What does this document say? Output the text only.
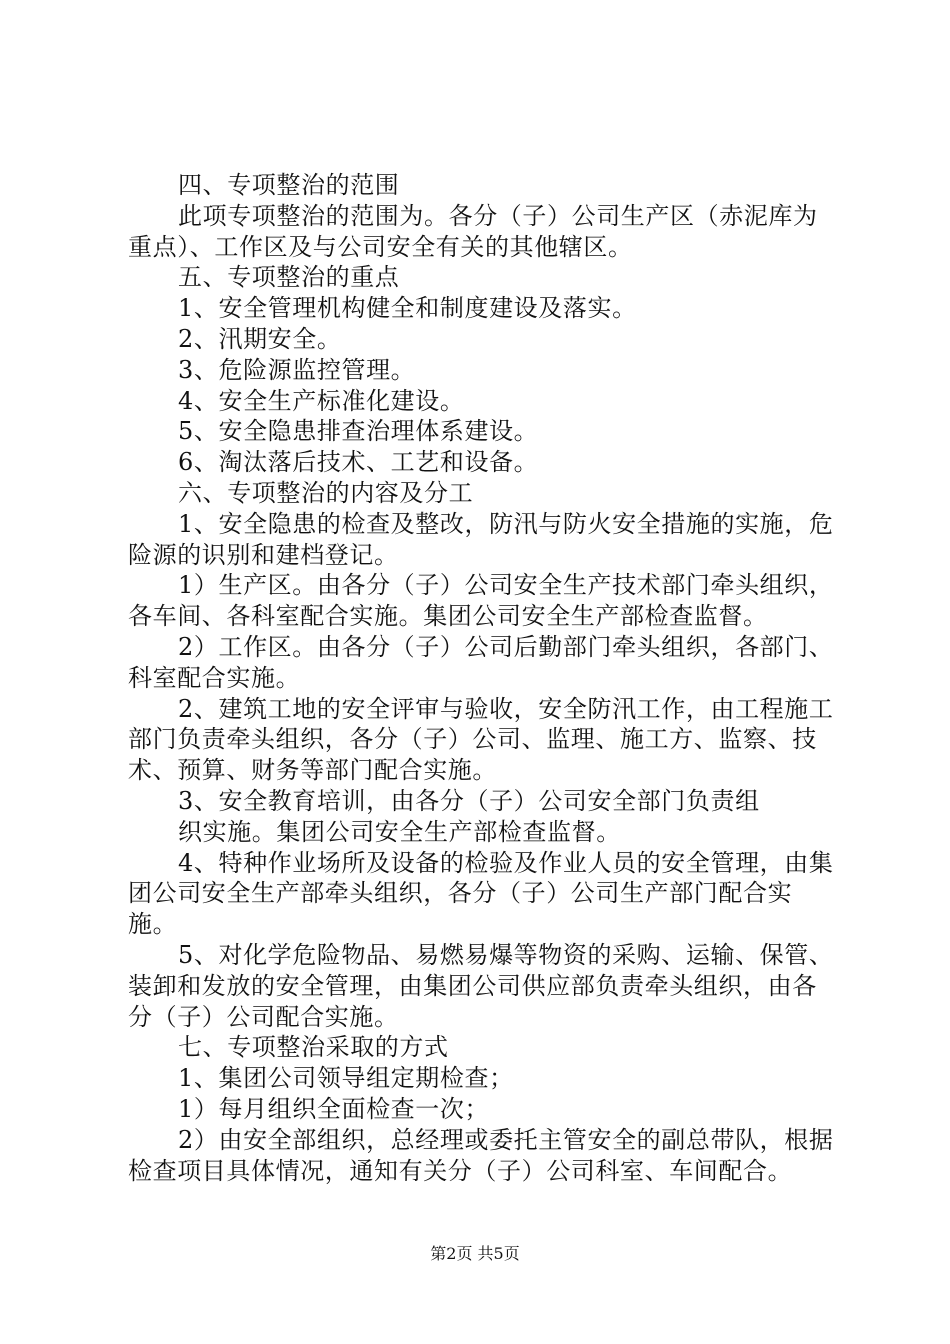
四、专项整治的范围

此项专项整治的范围为。各分（子）公司生产区（赤泥库为重点）、工作区及与公司安全有关的其他辖区。

五、专项整治的重点

1、安全管理机构健全和制度建设及落实。

2、汛期安全。

3、危险源监控管理。

4、安全生产标准化建设。

5、安全隐患排查治理体系建设。

6、淘汰落后技术、工艺和设备。

六、专项整治的内容及分工

1、安全隐患的检查及整改，防汛与防火安全措施的实施，危险源的识别和建档登记。

1）生产区。由各分（子）公司安全生产技术部门牵头组织，各车间、各科室配合实施。集团公司安全生产部检查监督。

2）工作区。由各分（子）公司后勤部门牵头组织，各部门、科室配合实施。

2、建筑工地的安全评审与验收，安全防汛工作，由工程施工部门负责牵头组织，各分（子）公司、监理、施工方、监察、技术、预算、财务等部门配合实施。

3、安全教育培训，由各分（子）公司安全部门负责组

织实施。集团公司安全生产部检查监督。

4、特种作业场所及设备的检验及作业人员的安全管理，由集团公司安全生产部牵头组织，各分（子）公司生产部门配合实施。

5、对化学危险物品、易燃易爆等物资的采购、运输、保管、装卸和发放的安全管理，由集团公司供应部负责牵头组织，由各分（子）公司配合实施。

七、专项整治采取的方式

1、集团公司领导组定期检查；

1）每月组织全面检查一次；

2）由安全部组织，总经理或委托主管安全的副总带队，根据检查项目具体情况，通知有关分（子）公司科室、车间配合。

第2页 共5页
